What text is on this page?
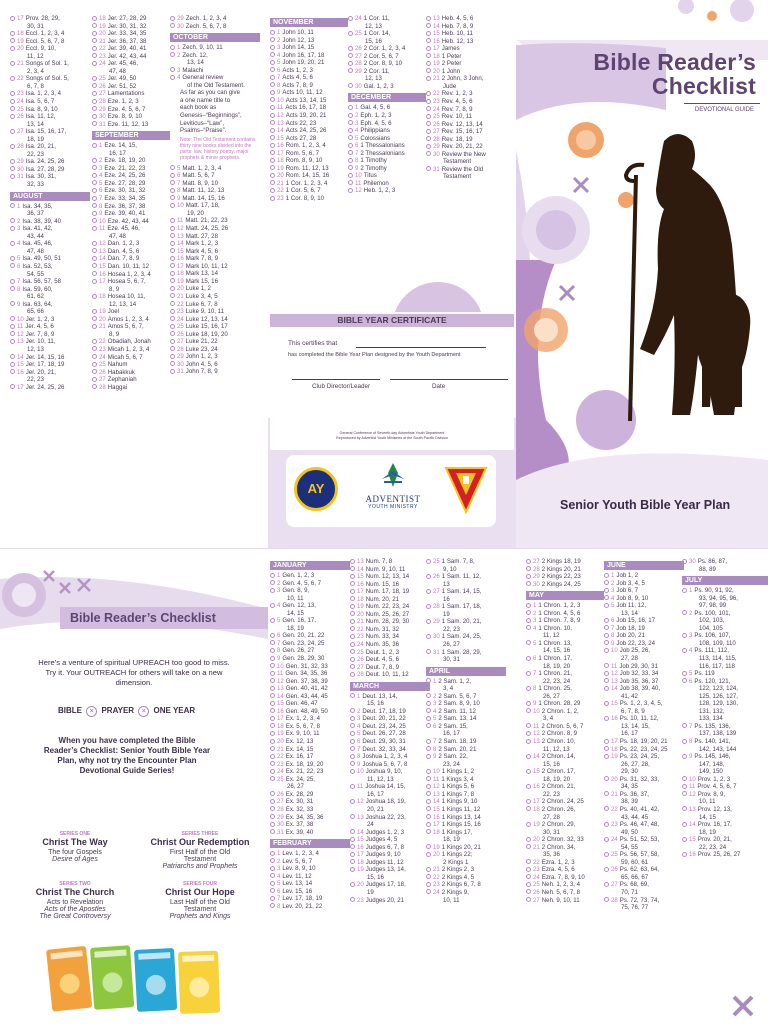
17 Prov. 28, 29,
30, 31
18 Eccl. 1, 2, 3, 4
19 Eccl. 5, 6, 7, 8
20 Eccl. 9, 10,
11, 12
21 Songs of Sol. 1,
2, 3, 4
22 Songs of Sol. 5,
6, 7, 8
23 Isa. 1, 2, 3, 4
24 Isa. 5, 6, 7
25 Isa. 8, 9, 10
26 Isa. 11, 12,
13, 14
27 Isa. 15, 16, 17,
18, 19
28 Isa. 20, 21,
22, 23
29 Isa. 24, 25, 26
30 Isa. 27, 28, 29
31 Isa. 30, 31,
32, 33
AUGUST
1 Isa. 34, 35,
36, 37
2 Isa. 38, 39, 40
3 Isa. 41, 42,
43, 44
4 Isa. 45, 46,
47, 48
5 Isa. 49, 50, 51
6 Isa. 52, 53,
54, 55
7 Isa. 56, 57, 58
8 Isa. 59, 60,
61, 62
9 Isa. 63, 64,
65, 66
10 Jer. 1, 2, 3
11 Jer. 4, 5, 6
12 Jer. 7, 8, 9
13 Jer. 10, 11,
12, 13
14 Jer. 14, 15, 16
15 Jer. 17, 18, 19
16 Jer. 20, 21,
22, 23
17 Jer. 24, 25, 26
18 Jer. 27, 28, 29
19 Jer. 30, 31, 32
20 Jer. 33, 34, 35
21 Jer. 36, 37, 38
22 Jer. 39, 40, 41
23 Jer. 42, 43, 44
24 Jer. 45, 46,
47, 48
25 Jer. 49, 50
26 Jer. 51, 52
27 Lamentations
28 Eze. 1, 2, 3
29 Eze. 4, 5, 6, 7
30 Eze. 8, 9, 10
31 Eze. 11, 12, 13
SEPTEMBER
1 Eze. 14, 15,
16, 17
2 Eze. 18, 19, 20
3 Eze. 21, 22, 23
4 Eze. 24, 25, 26
5 Eze. 27, 28, 29
6 Eze. 30, 31, 32
7 Eze. 33, 34, 35
8 Eze. 36, 37, 38
9 Eze. 39, 40, 41
10 Eze. 42, 43, 44
11 Eze. 45, 46,
47, 48
12 Dan. 1, 2, 3
13 Dan. 4, 5, 6
14 Dan. 7, 8, 9
15 Dan. 10, 11, 12
16 Hosea 1, 2, 3, 4
17 Hosea 5, 6, 7,
8, 9
18 Hosea 10, 11,
12, 13, 14
19 Joel
20 Amos 1, 2, 3, 4
21 Amos 5, 6, 7,
8, 9
22 Obadiah, Jonah
23 Micah 1, 2, 3, 4
24 Micah 5, 6, 7
25 Nahum
26 Habakkuk
27 Zephaniah
28 Haggai
29 Zech. 1, 2, 3, 4
30 Zech. 5, 6, 7, 8
OCTOBER
1 Zech. 9, 10, 11
2 Zech. 12,
13, 14
3 Malachi
4 General review
of the Old Testament.
As far as you can give
a one name title to
each book as
Genesis–“Beginnings”,
Leviticus–“Law”,
Psalms–“Praise”.
Note: The Old Testament contains thirty nine books divided into the parts: law, history poetry, major prophets & minor prophets.
5 Matt. 1, 2, 3, 4
6 Matt. 5, 6, 7
7 Matt. 8, 9, 10
8 Matt. 11, 12, 13
9 Matt. 14, 15, 16
10 Matt. 17, 18,
19, 20
11 Matt. 21, 22, 23
12 Matt. 24, 25, 26
13 Matt. 27, 28
14 Mark 1, 2, 3
15 Mark 4, 5, 6
16 Mark 7, 8, 9
17 Mark 10, 11, 12
18 Mark 13, 14
19 Mark 15, 16
20 Luke 1, 2
21 Luke 3, 4, 5
22 Luke 6, 7, 8
23 Luke 9, 10, 11
24 Luke 12, 13, 14
25 Luke 15, 16, 17
26 Luke 18, 19, 20
27 Luke 21, 22
28 Luke 23, 24
29 John 1, 2, 3
30 John 4, 5, 6
31 John 7, 8, 9
NOVEMBER
1 John 10, 11
2 John 12, 13
3 John 14, 15
4 John 16, 17, 18
5 John 19, 20, 21
6 Acts 1, 2, 3
7 Acts 4, 5, 6
8 Acts 7, 8, 9
9 Acts 10, 11, 12
10 Acts 13, 14, 15
11 Acts 16, 17, 18
12 Acts 19, 20, 21
13 Acts 22, 23
14 Acts 24, 25, 26
15 Acts 27, 28
16 Rom. 1, 2, 3, 4
17 Rom. 5, 6, 7
18 Rom. 8, 9, 10
19 Rom. 11, 12, 13
20 Rom. 14, 15, 16
21 1 Cor. 1, 2, 3, 4
22 1 Cor. 5, 6, 7
23 1 Cor. 8, 9, 10
24 1 Cor. 11,
12, 13
25 1 Cor. 14,
15, 16
26 2 Cor. 1, 2, 3, 4
27 2 Cor. 5, 6, 7
28 2 Cor. 8, 9, 10
29 2 Cor. 11,
12, 13
30 Gal. 1, 2, 3
DECEMBER
1 Gal. 4, 5, 6
2 Eph. 1, 2, 3
3 Eph. 4, 5, 6
4 Philippians
5 Colossians
6 1 Thessalonians
7 2 Thessalonians
8 1 Timothy
9 2 Timothy
10 Titus
11 Philemon
12 Heb. 1, 2, 3
13 Heb. 4, 5, 6
14 Heb. 7, 8, 9
15 Heb. 10, 11
16 Heb. 12, 13
17 James
18 1 Peter
19 2 Peter
20 1 John
21 2 John, 3 John,
Jude
22 Rev. 1, 2, 3
23 Rev. 4, 5, 6
24 Rev. 7, 8, 9
25 Rev. 10, 11
26 Rev. 12, 13, 14
27 Rev. 15, 16, 17
28 Rev. 18, 19
29 Rev. 20, 21, 22
30 Review the New
Testament
31 Review the Old
Testament
BIBLE YEAR CERTIFICATE
This certifies that
has completed the Bible Year Plan designed by the Youth Department
Club Director/Leader	Date
General Conference of Seventh-day Adventists Youth Department
Reproduced by Adventist Youth Ministries of the South Pacific Division
AY
ADVENTIST
YOUTH MINISTRY
Bible Reader’s
Checklist
DEVOTIONAL GUIDE
Senior Youth Bible Year Plan
Bible Reader’s Checklist
Here’s a venture of spiritual UPREACH too good to miss. Try it. Your OUTREACH for others will take on a new dimension.
BIBLE × PRAYER × ONE YEAR
When you have completed the Bible Reader’s Checklist: Senior Youth Bible Year Plan, why not try the Encounter Plan Devotional Guide Series!
SERIES ONE
Christ The Way
The four Gospels
Desire of Ages
SERIES THREE
Christ Our Redemption
First Half of the Old Testament
Patriarchs and Prophets
SERIES TWO
Christ The Church
Acts to Revelation
Acts of the Apostles
The Great Controversy
SERIES FOUR
Christ Our Hope
Last Half of the Old Testament
Prophets and Kings
JANUARY
1 Gen. 1, 2, 3
2 Gen. 4, 5, 6, 7
3 Gen. 8, 9,
10, 11
4 Gen. 12, 13,
14, 15
5 Gen. 16, 17,
18, 19
6 Gen. 20, 21, 22
7 Gen. 23, 24, 25
8 Gen. 26, 27
9 Gen. 28, 29, 30
10 Gen. 31, 32, 33
11 Gen. 34, 35, 36
12 Gen. 37, 38, 39
13 Gen. 40, 41, 42
14 Gen. 43, 44, 45
15 Gen. 46, 47
16 Gen. 48, 49, 50
17 Ex. 1, 2, 3, 4
18 Ex. 5, 6, 7, 8
19 Ex. 9, 10, 11
20 Ex. 12, 13
21 Ex. 14, 15
22 Ex. 16, 17
23 Ex. 18, 19, 20
24 Ex. 21, 22, 23
25 Ex. 24, 25,
26, 27
26 Ex. 28, 29
27 Ex. 30, 31
28 Ex. 32, 33
29 Ex. 34, 35, 36
30 Ex. 37, 38
31 Ex. 39, 40
FEBRUARY
1 Lev. 1, 2, 3, 4
2 Lev. 5, 6, 7
3 Lev. 8, 9, 10
4 Lev. 11, 12
5 Lev. 13, 14
6 Lev. 15, 16
7 Lev. 17, 18, 19
8 Lev. 20, 21, 22
13 Num. 7, 8
14 Num. 9, 10, 11
15 Num. 12, 13, 14
16 Num. 15, 16
17 Num. 17, 18, 19
18 Num. 20, 21
19 Num. 22, 23, 24
20 Num. 25, 26, 27
21 Num. 28, 29, 30
22 Num. 31, 32
23 Num. 33, 34
24 Num. 35, 36
25 Deut. 1, 2, 3
26 Deut. 4, 5, 6
27 Deut. 7, 8, 9
28 Deut. 10, 11, 12
MARCH
1 Deut. 13, 14,
15, 16
2 Deut. 17, 18, 19
3 Deut. 20, 21, 22
4 Deut. 23, 24, 25
5 Deut. 26, 27, 28
6 Deut. 29, 30, 31
7 Deut. 32, 33, 34
8 Joshua 1, 2, 3, 4
9 Joshua 5, 6, 7, 8
10 Joshua 9, 10,
11, 12, 13
11 Joshua 14, 15,
16, 17
12 Joshua 18, 19,
20, 21
13 Joshua 22, 23,
24
14 Judges 1, 2, 3
15 Judges 4, 5
16 Judges 6, 7, 8
17 Judges 9, 10
18 Judges 11, 12
19 Judges 13, 14,
15, 16
20 Judges 17, 18,
19
23 Judges 20, 21
25 1 Sam. 7, 8,
9, 10
26 1 Sam. 11, 12,
13
27 1 Sam. 14, 15,
16
28 1 Sam. 17, 18,
19
29 1 Sam. 20, 21,
22, 23
30 1 Sam. 24, 25,
26, 27
31 1 Sam. 28, 29,
30, 31
APRIL
1 2 Sam. 1, 2,
3, 4
2 2 Sam. 5, 6, 7
3 2 Sam. 8, 9, 10
4 2 Sam. 11, 12
5 2 Sam. 13, 14
6 2 Sam. 15,
16, 17
7 2 Sam. 18, 19
8 2 Sam. 20, 21
9 2 Sam. 22,
23, 24
10 1 Kings 1, 2
11 1 Kings 3, 4
12 1 Kings 5, 6
13 1 Kings 7, 8
14 1 Kings 9, 10
15 1 Kings 11, 12
16 1 Kings 13, 14
17 1 Kings 15, 16
18 1 Kings 17,
18, 19
19 1 Kings 20, 21
20 1 Kings 22;
2 Kings 1
21 2 Kings 2, 3
22 2 Kings 4, 5
23 2 Kings 6, 7, 8
24 2 Kings 9,
10, 11
27 2 Kings 18, 19
28 2 Kings 20, 21
29 2 Kings 22, 23
30 2 Kings 24, 25
MAY
1 1 Chron. 1, 2, 3
2 1 Chron. 4, 5, 6
3 1 Chron. 7, 8, 9
4 1 Chron. 10,
11, 12
5 1 Chron. 13,
14, 15, 16
6 1 Chron. 17,
18, 19, 20
7 1 Chron. 21,
22, 23, 24
8 1 Chron. 25,
26, 27
9 1 Chron. 28, 29
10 2 Chron. 1, 2,
3, 4
11 2 Chron. 5, 6, 7
12 2 Chron. 8, 9
13 2 Chron. 10,
11, 12, 13
14 2 Chron. 14,
15, 16
15 2 Chron. 17,
18, 19, 20
16 2 Chron. 21,
22, 23
17 2 Chron. 24, 25
18 2 Chron. 26,
27, 28
19 2 Chron. 29,
30, 31
20 2 Chron. 32, 33
21 2 Chron. 34,
35, 36
22 Ezra. 1, 2, 3
23 Ezra. 4, 5, 6
24 Ezra. 7, 8, 9, 10
25 Neh. 1, 2, 3, 4
26 Neh. 5, 6, 7, 8
27 Neh. 9, 10, 11
JUNE
1 Job 1, 2
2 Job 3, 4, 5
3 Job 6, 7
4 Job 8, 9, 10
5 Job 11, 12,
13, 14
6 Job 15, 16, 17
7 Job 18, 19
8 Job 20, 21
9 Job 22, 23, 24
10 Job 25, 26,
27, 28
11 Job 29, 30, 31
12 Job 32, 33, 34
13 Job 35, 36, 37
14 Job 38, 39, 40,
41, 42
15 Ps. 1, 2, 3, 4, 5,
6, 7, 8, 9
16 Ps. 10, 11, 12,
13, 14, 15,
16, 17
17 Ps. 18, 19, 20, 21
18 Ps. 22, 23, 24, 25
19 Ps. 23, 24, 25,
26, 27, 28,
29, 30
20 Ps. 31, 32, 33,
34, 35
21 Ps. 36, 37,
38, 39
22 Ps. 40, 41, 42,
43, 44, 45
23 Ps. 46, 47, 48,
49, 50
24 Ps. 51, 52, 53,
54, 55
25 Ps. 56, 57, 58,
59, 60, 61
26 Ps. 62, 63, 64,
65, 66, 67
27 Ps. 68, 69,
70, 71
28 Ps. 72, 73, 74,
75, 76, 77
30 Ps. 86, 87,
88, 89
JULY
1 Ps. 90, 91, 92,
93, 94, 95, 96,
97, 98, 99
2 Ps. 100, 101,
102, 103,
104, 105
3 Ps. 106, 107,
108, 109, 110
4 Ps. 111, 112,
113, 114, 115,
116, 117, 118
5 Ps. 119
6 Ps. 120, 121,
122, 123, 124,
125, 126, 127,
128, 129, 130,
131, 132,
133, 134
7 Ps. 135, 136,
137, 138, 139
8 Ps. 140, 141,
142, 143, 144
9 Ps. 145, 146,
147, 148,
149, 150
10 Prov. 1, 2, 3
11 Prov. 4, 5, 6, 7
12 Prov. 8, 9,
10, 11
13 Prov. 12, 13,
14, 15
14 Prov. 16, 17,
18, 19
15 Prov. 20, 21,
22, 23, 24
16 Prov. 25, 26, 27
